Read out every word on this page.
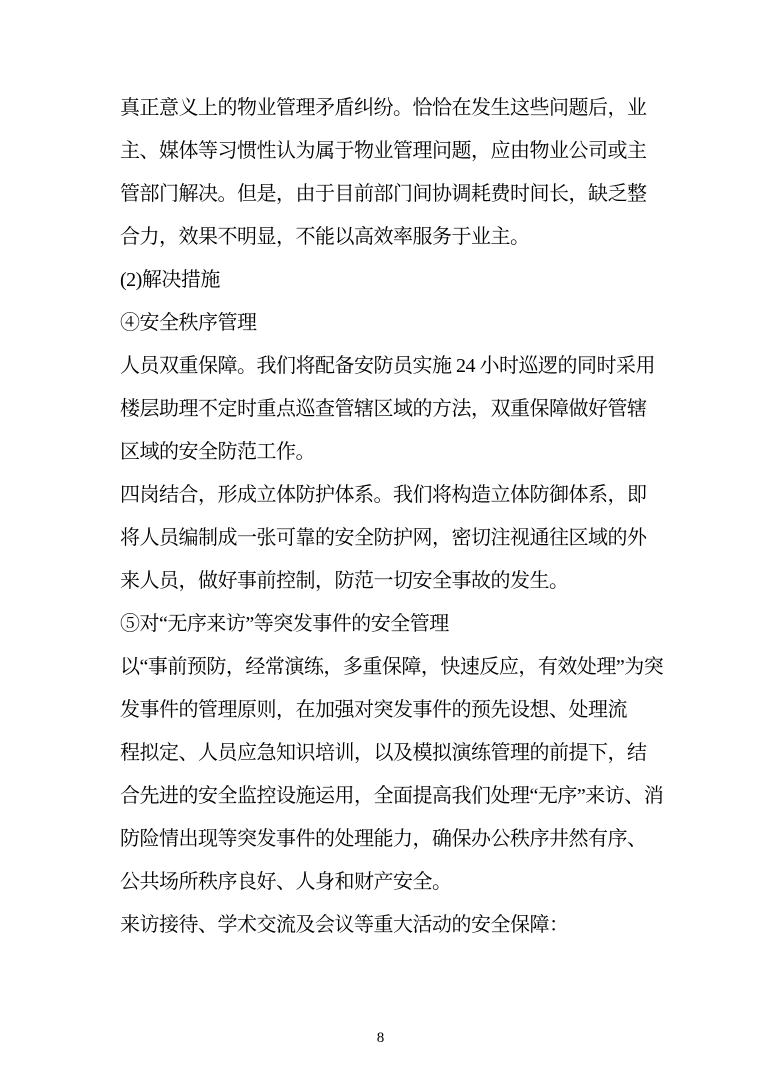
真正意义上的物业管理矛盾纠纷。恰恰在发生这些问题后，业
主、媒体等习惯性认为属于物业管理问题，应由物业公司或主
管部门解决。但是，由于目前部门间协调耗费时间长，缺乏整
合力，效果不明显，不能以高效率服务于业主。
(2)解决措施
④安全秩序管理
人员双重保障。我们将配备安防员实施 24 小时巡逻的同时采用
楼层助理不定时重点巡查管辖区域的方法，双重保障做好管辖
区域的安全防范工作。
四岗结合，形成立体防护体系。我们将构造立体防御体系，即
将人员编制成一张可靠的安全防护网，密切注视通往区域的外
来人员，做好事前控制，防范一切安全事故的发生。
⑤对“无序来访”等突发事件的安全管理
以“事前预防，经常演练，多重保障，快速反应，有效处理”为突
发事件的管理原则，在加强对突发事件的预先设想、处理流
程拟定、人员应急知识培训，以及模拟演练管理的前提下，结
合先进的安全监控设施运用，全面提高我们处理“无序”来访、消
防险情出现等突发事件的处理能力，确保办公秩序井然有序、
公共场所秩序良好、人身和财产安全。
来访接待、学术交流及会议等重大活动的安全保障：
8
